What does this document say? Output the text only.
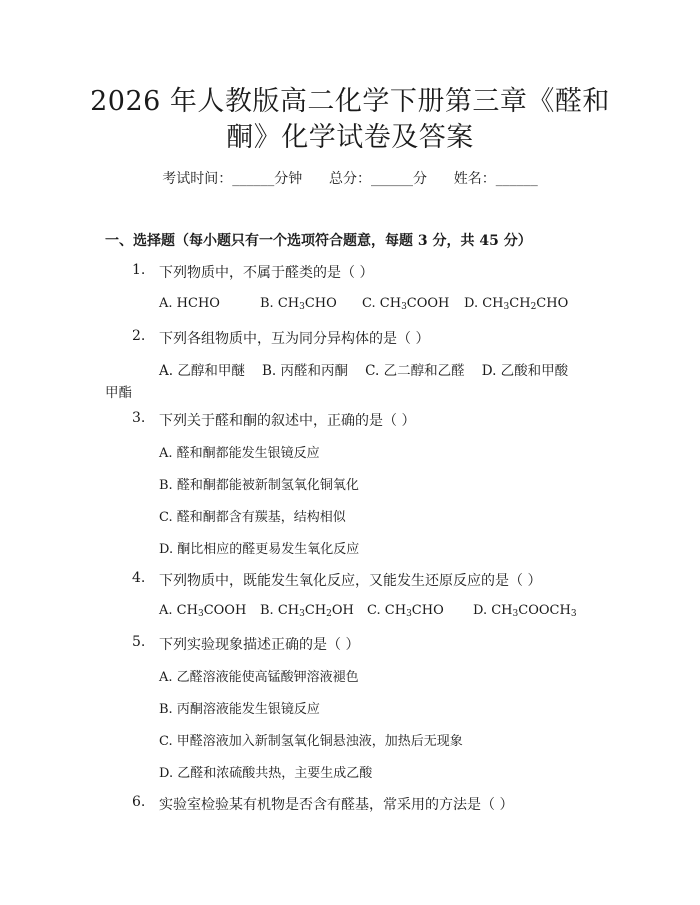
2026 年人教版高二化学下册第三章《醛和
酮》化学试卷及答案
考试时间：______分钟      总分：______分      姓名：______
一、选择题（每小题只有一个选项符合题意，每题 3 分，共 45 分）
1. 下列物质中，不属于醛类的是（ ）
A. HCHO	B. $CH_3CHO$ C. $CH_3COOH$ D. $CH_3CH_2CHO$
2. 下列各组物质中，互为同分异构体的是（ ）
A. 乙醇和甲醚    B. 丙醛和丙酮    C. 乙二醇和乙醛    D. 乙酸和甲酸
甲酯
3. 下列关于醛和酮的叙述中，正确的是（ ）
A. 醛和酮都能发生银镜反应
B. 醛和酮都能被新制氢氧化铜氧化
C. 醛和酮都含有羰基，结构相似
D. 酮比相应的醛更易发生氧化反应
4. 下列物质中，既能发生氧化反应，又能发生还原反应的是（ ）
A. $CH_3COOH$ B. $CH_3CH_2OH$ C. $CH_3CHO$ D. $CH_3COOCH_3$
5. 下列实验现象描述正确的是（ ）
A. 乙醛溶液能使高锰酸钾溶液褪色
B. 丙酮溶液能发生银镜反应
C. 甲醛溶液加入新制氢氧化铜悬浊液，加热后无现象
D. 乙醛和浓硫酸共热，主要生成乙酸
6. 实验室检验某有机物是否含有醛基，常采用的方法是（ ）
